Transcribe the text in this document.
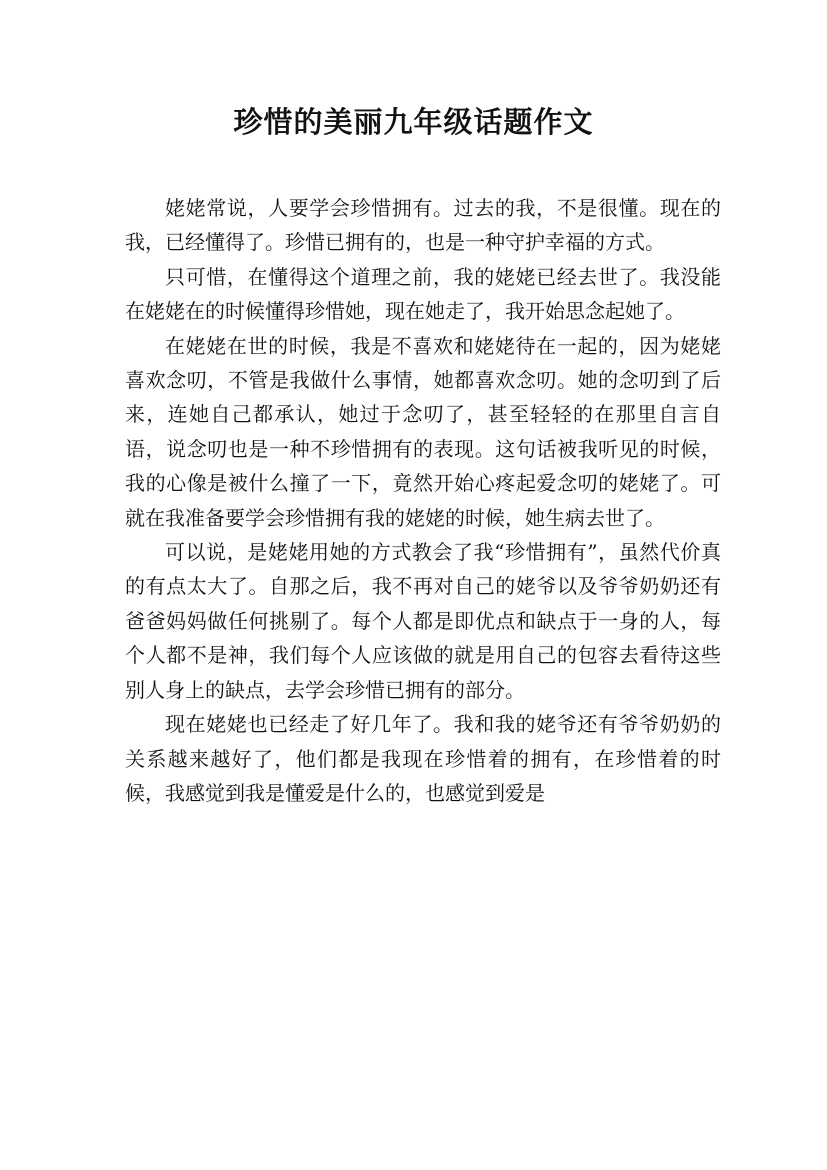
珍惜的美丽九年级话题作文

姥姥常说，人要学会珍惜拥有。过去的我，不是很懂。现在的我，已经懂得了。珍惜已拥有的，也是一种守护幸福的方式。

只可惜，在懂得这个道理之前，我的姥姥已经去世了。我没能在姥姥在的时候懂得珍惜她，现在她走了，我开始思念起她了。

在姥姥在世的时候，我是不喜欢和姥姥待在一起的，因为姥姥喜欢念叨，不管是我做什么事情，她都喜欢念叨。她的念叨到了后来，连她自己都承认，她过于念叨了，甚至轻轻的在那里自言自语，说念叨也是一种不珍惜拥有的表现。这句话被我听见的时候，我的心像是被什么撞了一下，竟然开始心疼起爱念叨的姥姥了。可就在我准备要学会珍惜拥有我的姥姥的时候，她生病去世了。

可以说，是姥姥用她的方式教会了我“珍惜拥有”，虽然代价真的有点太大了。自那之后，我不再对自己的姥爷以及爷爷奶奶还有爸爸妈妈做任何挑剔了。每个人都是即优点和缺点于一身的人，每个人都不是神，我们每个人应该做的就是用自己的包容去看待这些别人身上的缺点，去学会珍惜已拥有的部分。

现在姥姥也已经走了好几年了。我和我的姥爷还有爷爷奶奶的关系越来越好了，他们都是我现在珍惜着的拥有，在珍惜着的时候，我感觉到我是懂爱是什么的，也感觉到爱是
